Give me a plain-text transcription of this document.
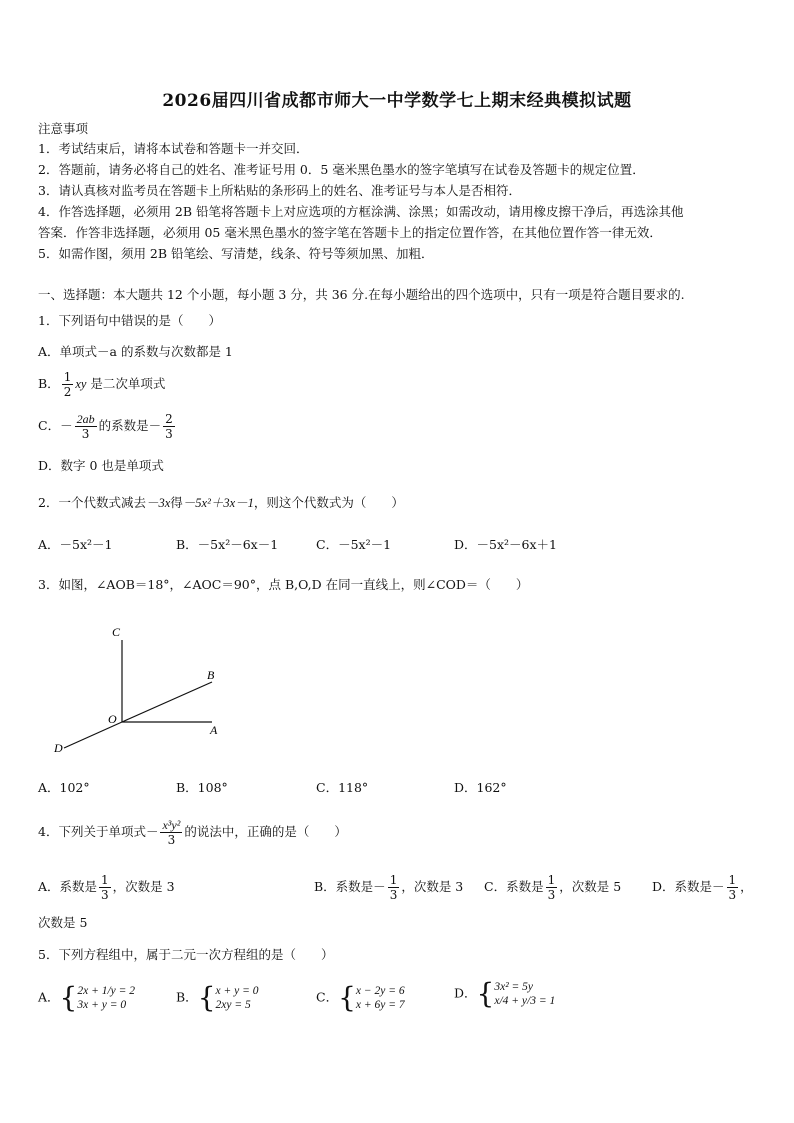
2026届四川省成都市师大一中学数学七上期末经典模拟试题
注意事项
1．考试结束后，请将本试卷和答题卡一并交回．
2．答题前，请务必将自己的姓名、准考证号用 0．5 毫米黑色墨水的签字笔填写在试卷及答题卡的规定位置．
3．请认真核对监考员在答题卡上所粘贴的条形码上的姓名、准考证号与本人是否相符．
4．作答选择题，必须用 2B 铅笔将答题卡上对应选项的方框涂满、涂黑；如需改动，请用橡皮擦干净后，再选涂其他
答案．作答非选择题，必须用 05 毫米黑色墨水的签字笔在答题卡上的指定位置作答，在其他位置作答一律无效．
5．如需作图，须用 2B 铅笔绘、写清楚，线条、符号等须加黑、加粗．
一、选择题：本大题共 12 个小题，每小题 3 分，共 36 分.在每小题给出的四个选项中，只有一项是符合题目要求的.
1．下列语句中错误的是（　　）
A．单项式－a 的系数与次数都是 1
B． $\frac{1}{2}$ xy 是二次单项式
C．－ $\frac{2ab}{3}$ 的系数是－ $\frac{2}{3}$
D．数字 0 也是单项式
2．一个代数式减去－3x得－5x²＋3x－1，则这个代数式为（　　）
A．－5x²－1	B．－5x²－6x－1	C．－5x²－1	D．－5x²－6x＋1
3．如图，∠AOB＝18°，∠AOC＝90°，点 B,O,D 在同一直线上，则∠COD＝（　　）
C
B
O
A
D
A．102°	B．108°	C．118°	D．162°
4．下列关于单项式－ $\frac{\text{x³y²}}{3}$ 的说法中，正确的是（　　）
A．系数是 $\frac{1}{3}$ ，次数是 3	B．系数是－ $\frac{1}{3}$ ，次数是 3 C．系数是 $\frac{1}{3}$ ，次数是 5 D．系数是－ $\frac{1}{3}$ ，
次数是 5
5．下列方程组中，属于二元一次方程组的是（　　）
A．{ 2x + 1/y = 2
3x + y = 0
B．{ x + y = 0
2xy = 5
C．{ x − 2y = 6
x + 6y = 7
D．{ 3x² = 5y
x/4 + y/3 = 1
